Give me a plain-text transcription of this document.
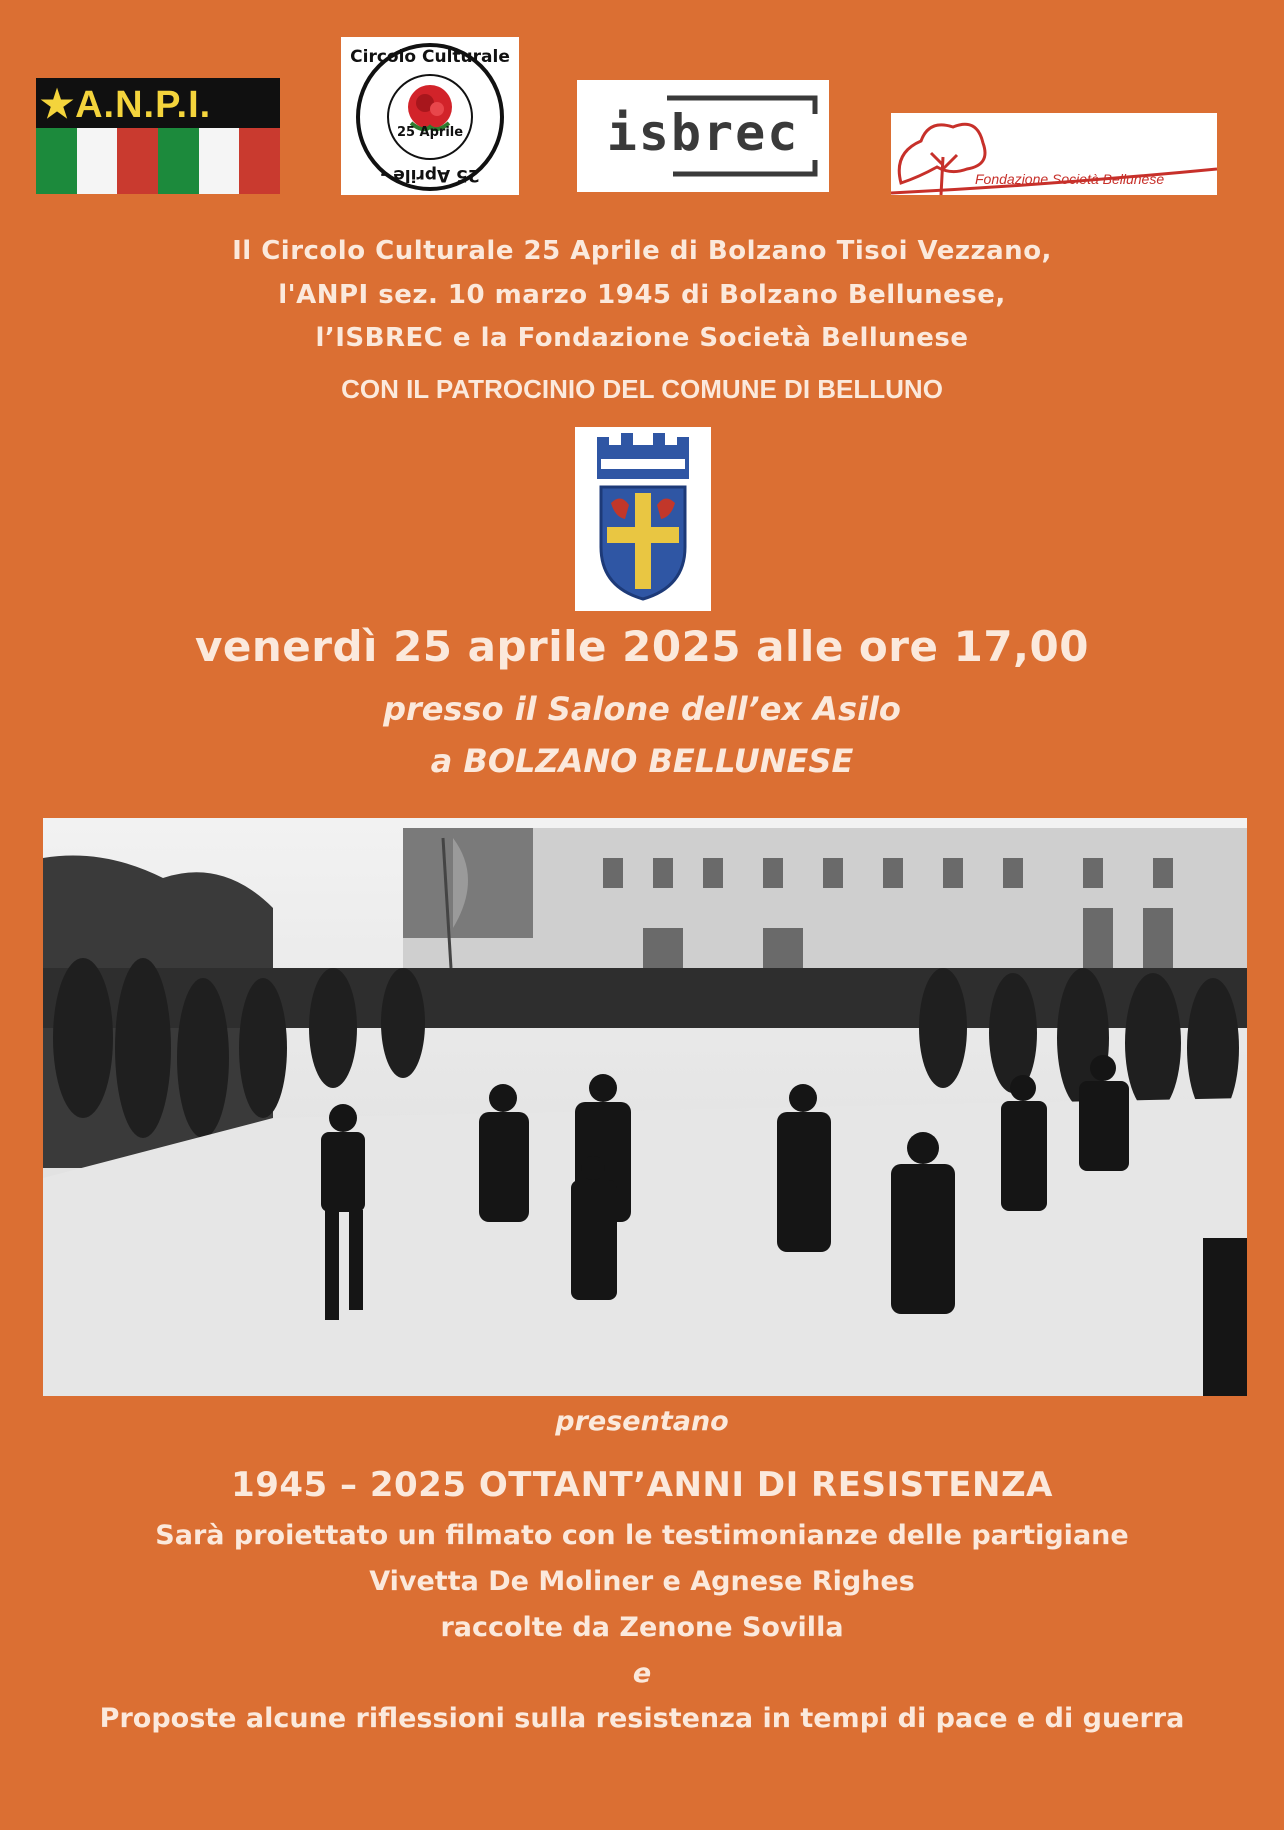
★A.N.P.I.
Circolo Culturale
25 Aprile
25 Aprile -
isbrec
Fondazione Società Bellunese
Il Circolo Culturale 25 Aprile di Bolzano Tisoi Vezzano,
l'ANPI sez. 10 marzo 1945 di Bolzano Bellunese,
l’ISBREC e la Fondazione Società Bellunese
CON IL PATROCINIO DEL COMUNE DI BELLUNO
venerdì 25 aprile 2025 alle ore 17,00
presso il Salone dell’ex Asilo
a BOLZANO BELLUNESE
presentano
1945 – 2025 OTTANT’ANNI DI RESISTENZA
Sarà proiettato un filmato con le testimonianze delle partigiane
Vivetta De Moliner e Agnese Righes
raccolte da Zenone Sovilla
e
Proposte alcune riflessioni sulla resistenza in tempi di pace e di guerra
